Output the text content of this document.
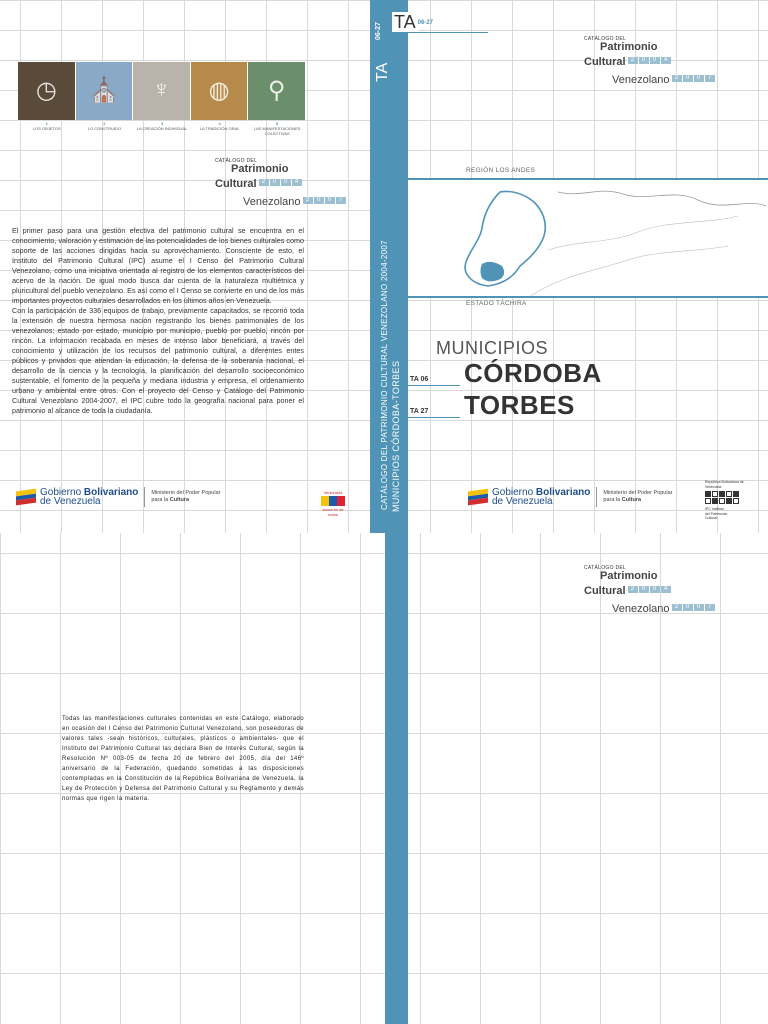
TA
06-27
CATÁLOGO DEL PATRIMONIO CULTURAL VENEZOLANO 2004-2007 MUNICIPIOS CÓRDOBA-TORBES
◷	⛪	♆	◍	⚲
1
LOS OBJETOS
2
LO CONSTRUIDO
3
LA CREACIÓN INDIVIDUAL
4
LA TRADICIÓN ORAL
5
LAS MANIFESTACIONES COLECTIVAS
CATÁLOGO DEL
Patrimonio
Cultural 2	0	0	4
Venezolano 2	0	0	7
CATÁLOGO DEL
Patrimonio
Cultural 2	0	0	4
Venezolano 2	0	0	7
CATÁLOGO DEL
Patrimonio
Cultural 2	0	0	4
Venezolano 2	0	0	7

El primer paso para una gestión efectiva del patrimonio cultural se encuentra en el conocimiento, valoración y estimación de las potencialidades de los bienes culturales como soporte de las acciones dirigidas hacia su aprovechamiento. Consciente de esto, el Instituto del Patrimonio Cultural (IPC) asume el I Censo del Patrimonio Cultural Venezolano, como una iniciativa orientada al registro de los elementos característicos del acervo de la nación. De igual modo busca dar cuenta de la naturaleza multiétnica y pluricultural del pueblo venezolano. Es así como el I Censo se convierte en uno de los más importantes proyectos culturales desarrollados en los últimos años en Venezuela.

Con la participación de 336 equipos de trabajo, previamente capacitados, se recorrió toda la extensión de nuestra hermosa nación registrando los bienes patrimoniales de los venezolanos; estado por estado, municipio por municipio, pueblo por pueblo, rincón por rincón. La información recabada en meses de intenso labor beneficiará, a través del conocimiento y utilización de los recursos del patrimonio cultural, a diferentes entes públicos y privados que atiendan la educación, la defensa de la soberanía nacional, el desarrollo de la ciencia y la tecnología, la planificación del desarrollo socioeconómico sustentable, el fomento de la pequeña y mediana industria y empresa, el ordenamiento urbano y ambiental entre otros. Con el proyecto del Censo y Catálogo del Patrimonio Cultural Venezolano 2004-2007, el IPC cubre todo la geografía nacional para poner el patrimonio al alcance de toda la ciudadanía.

Todas las manifestaciones culturales contenidas en este Catálogo, elaborado en ocasión del I Censo del Patrimonio Cultural Venezolano, son poseedoras de valores tales -sean históricos, culturales, plásticos o ambientales- que el Instituto del Patrimonio Cultural las declara Bien de Interés Cultural, según la Resolución Nº 003-05 de fecha 20 de febrero del 2005, día del 146º aniversario de la Federación, quedando sometidas a las disposiciones contempladas en la Constitución de la República Bolivariana de Venezuela, la Ley de Protección y Defensa del Patrimonio Cultural y su Reglamento y demás normas que rigen la materia.
Gobierno Bolivariano
de Venezuela
Ministerio del Poder Popular
para la Cultura
Gobierno Bolivariano
de Venezuela
Ministerio del Poder Popular
para la Cultura
Venezuela
ahora es de todos
República Bolivariana de Venezuela
IPC Instituto
del Patrimonio
Cultural
TA 06-27
REGIÓN LOS ANDES
ESTADO TÁCHIRA
MUNICIPIOS
TA 06	CÓRDOBA
TA 27	TORBES
